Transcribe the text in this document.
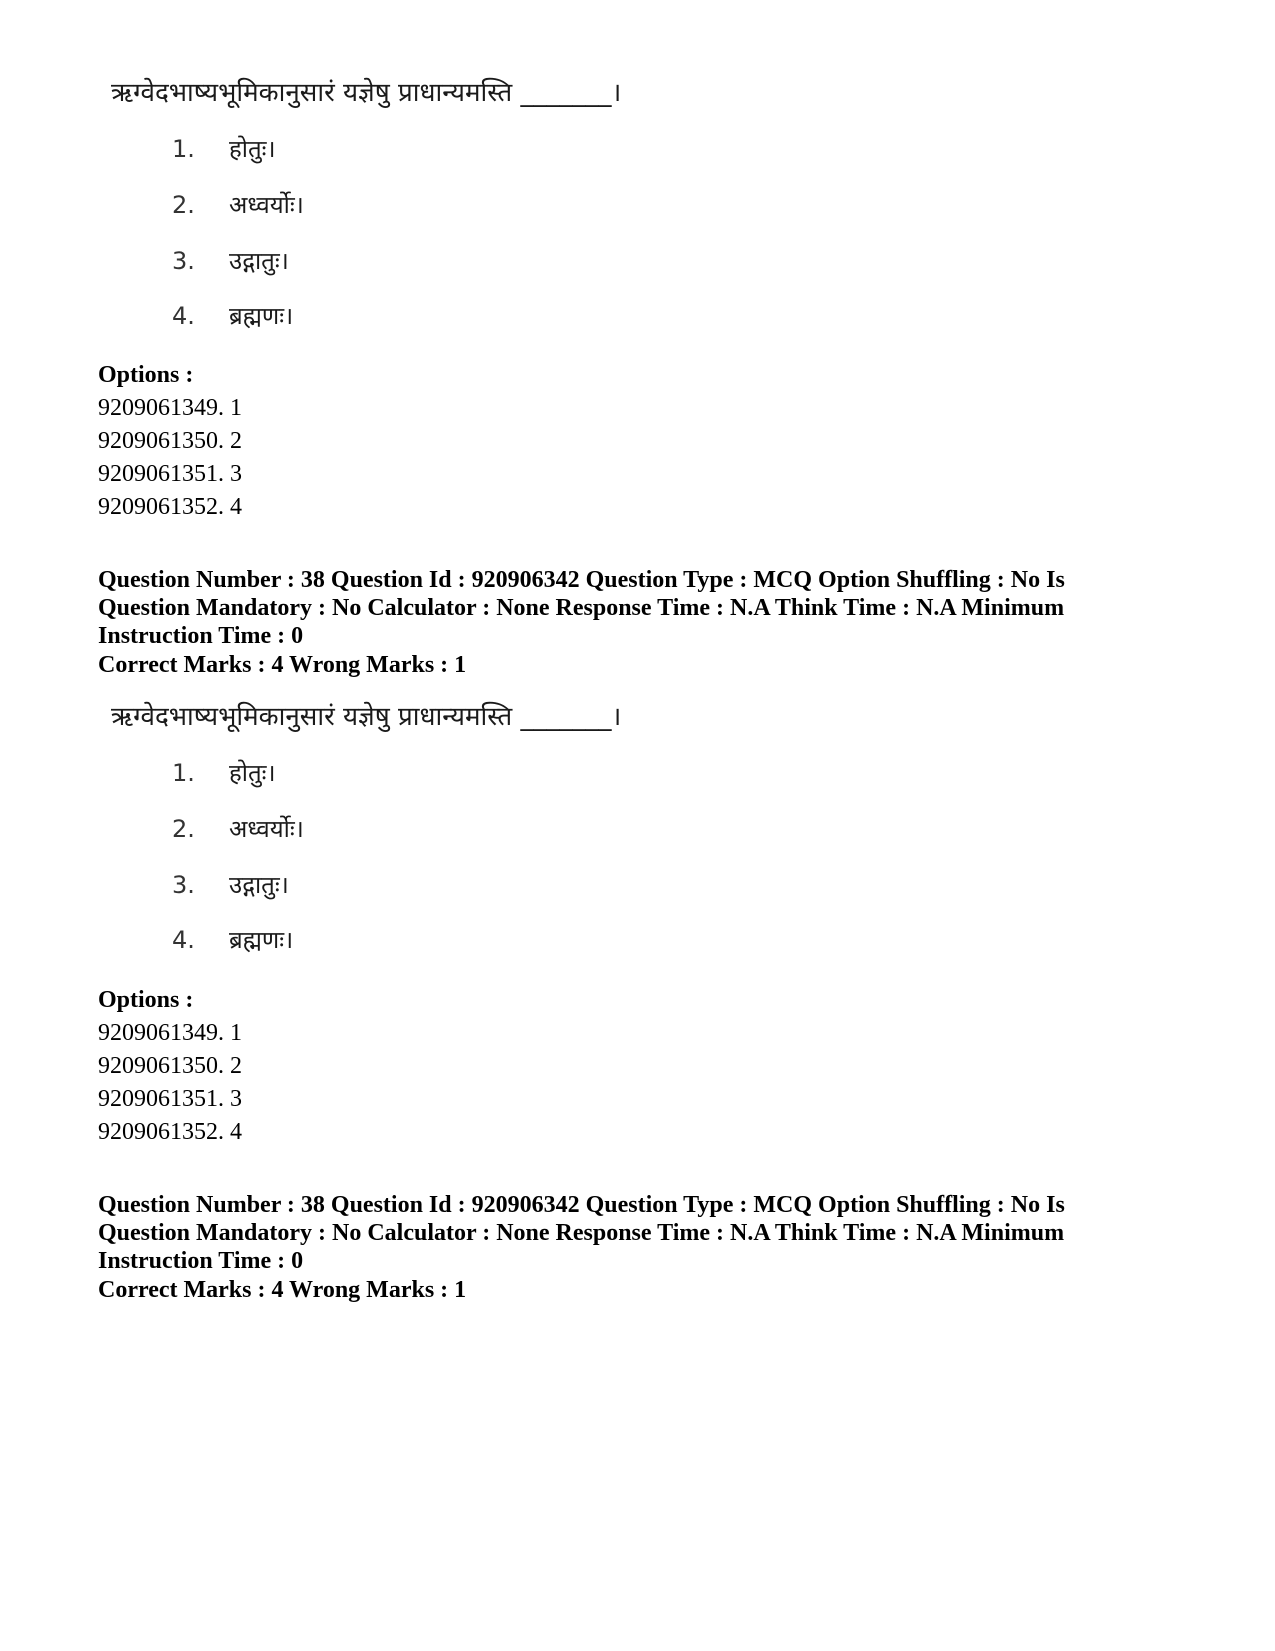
ऋग्वेदभाष्यभूमिकानुसारं यज्ञेषु प्राधान्यमस्ति _______।
1. होतुः।
2. अध्वर्योः।
3. उद्गातुः।
4. ब्रह्मणः।
Options :
9209061349. 1
9209061350. 2
9209061351. 3
9209061352. 4
Question Number : 38 Question Id : 920906342 Question Type : MCQ Option Shuffling : No Is
Question Mandatory : No Calculator : None Response Time : N.A Think Time : N.A Minimum
Instruction Time : 0
Correct Marks : 4 Wrong Marks : 1
ऋग्वेदभाष्यभूमिकानुसारं यज्ञेषु प्राधान्यमस्ति _______।
1. होतुः।
2. अध्वर्योः।
3. उद्गातुः।
4. ब्रह्मणः।
Options :
9209061349. 1
9209061350. 2
9209061351. 3
9209061352. 4
Question Number : 38 Question Id : 920906342 Question Type : MCQ Option Shuffling : No Is
Question Mandatory : No Calculator : None Response Time : N.A Think Time : N.A Minimum
Instruction Time : 0
Correct Marks : 4 Wrong Marks : 1
